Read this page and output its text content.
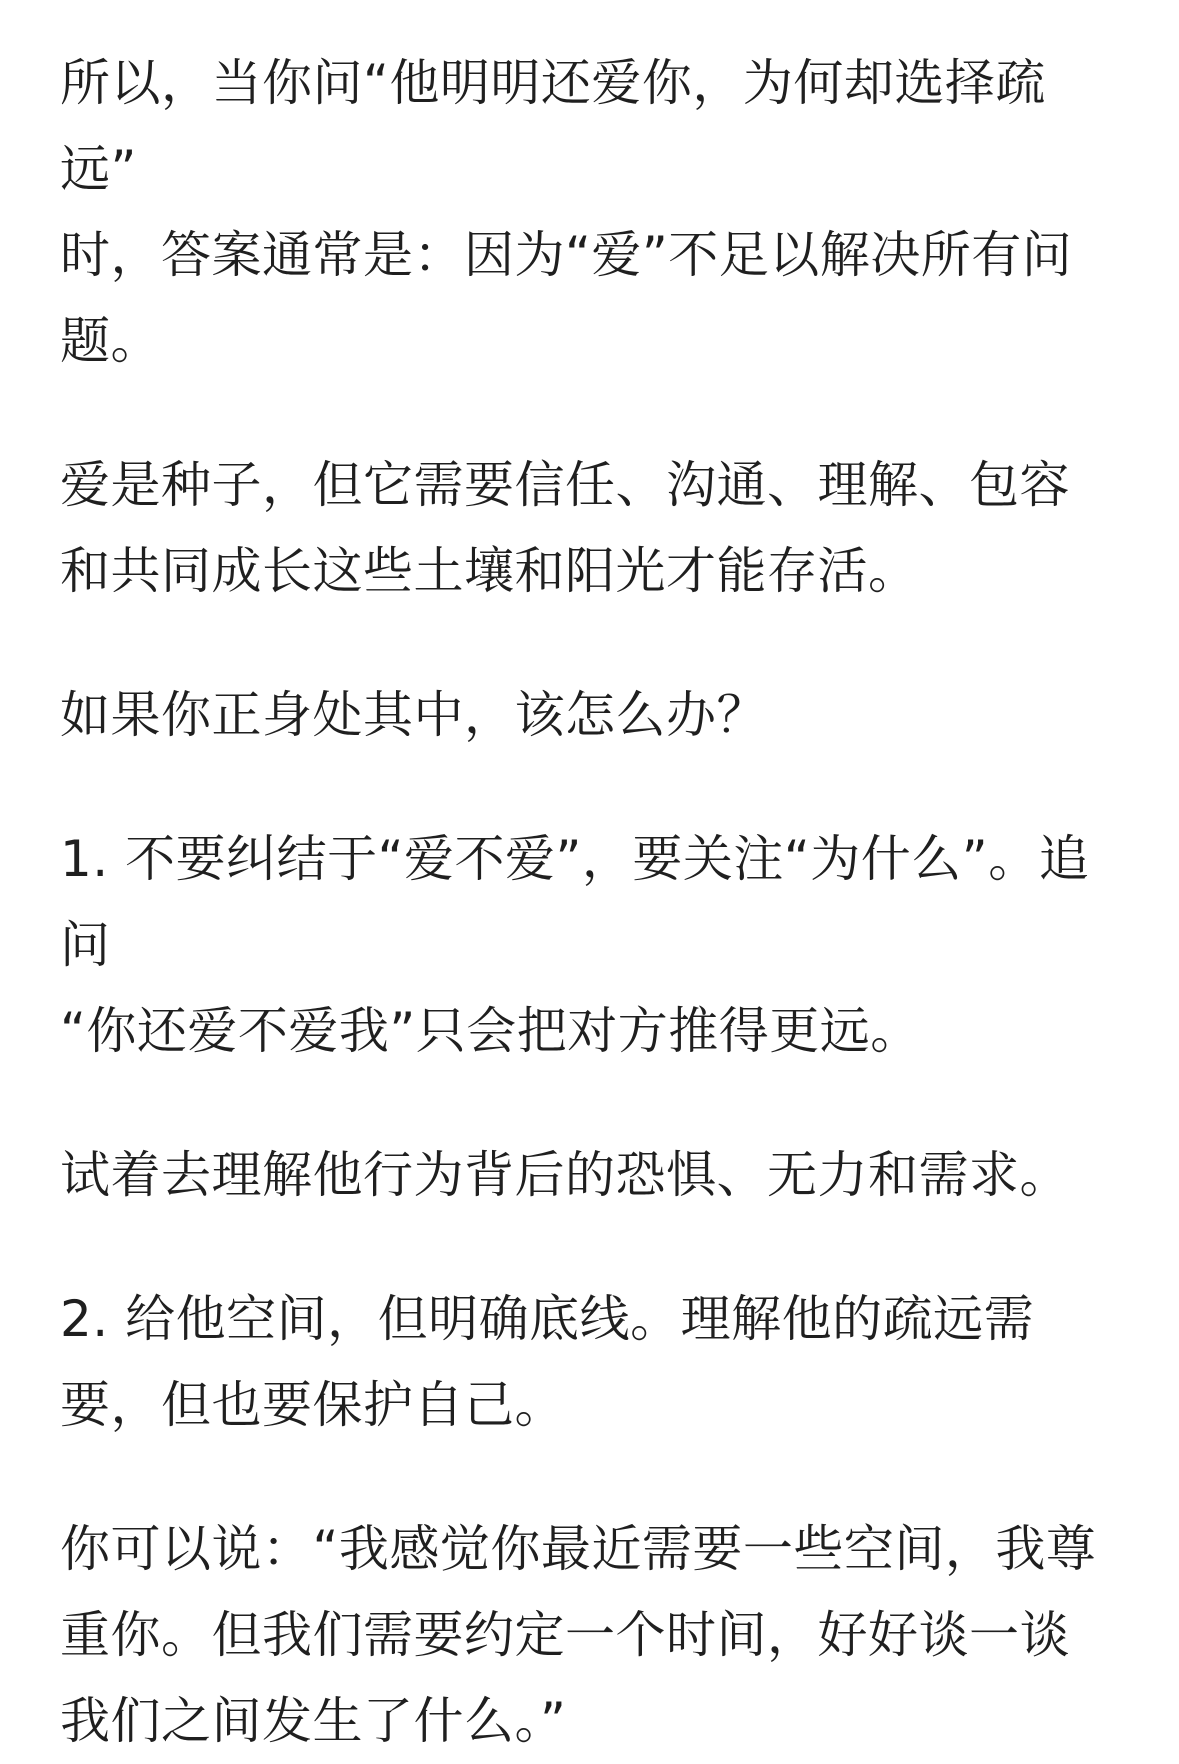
所以，当你问“他明明还爱你，为何却选择疏远”
时，答案通常是：因为“爱”不足以解决所有问
题。

爱是种子，但它需要信任、沟通、理解、包容
和共同成长这些土壤和阳光才能存活。

如果你正身处其中，该怎么办？

1. 不要纠结于“爱不爱”，要关注“为什么”。追问
“你还爱不爱我”只会把对方推得更远。

试着去理解他行为背后的恐惧、无力和需求。

2. 给他空间，但明确底线。理解他的疏远需
要，但也要保护自己。

你可以说：“我感觉你最近需要一些空间，我尊
重你。但我们需要约定一个时间，好好谈一谈
我们之间发生了什么。”
